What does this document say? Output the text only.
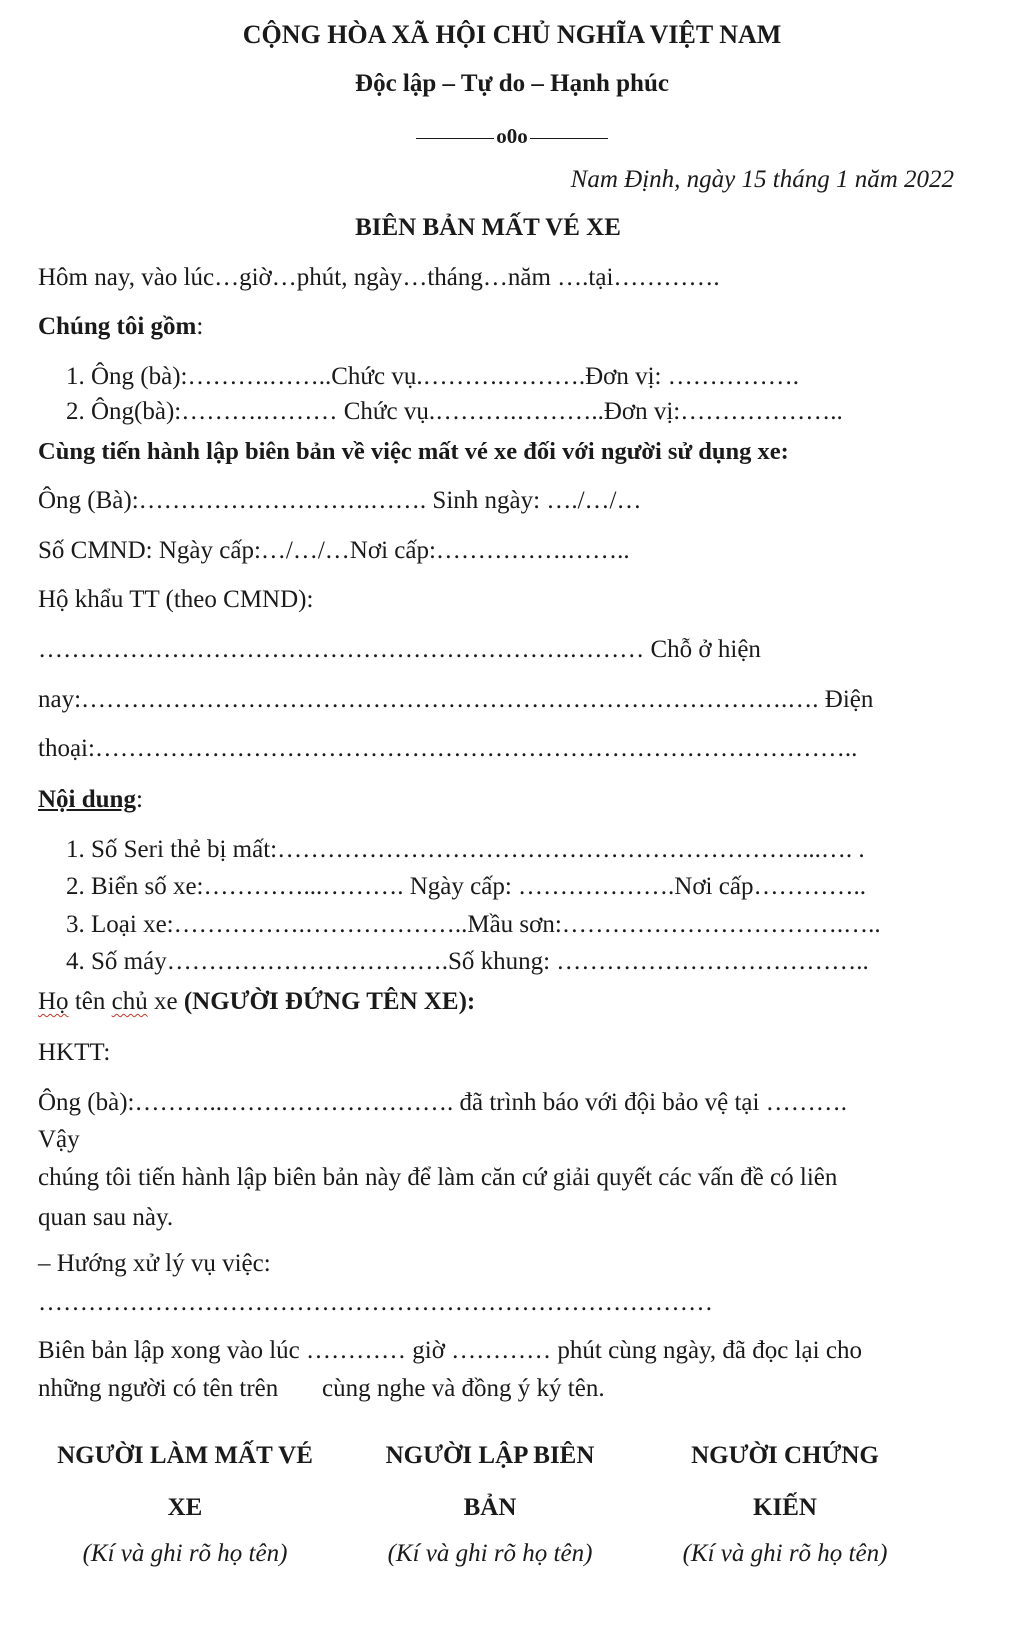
CỘNG HÒA XÃ HỘI CHỦ NGHĨA VIỆT NAM
Độc lập – Tự do – Hạnh phúc
o0o
Nam Định, ngày 15 tháng 1 năm 2022
BIÊN BẢN MẤT VÉ XE
Hôm nay, vào lúc…giờ…phút, ngày…tháng…năm ….tại………….
Chúng tôi gồm:
1. Ông (bà):……….……..Chức vụ.……….……….Đơn vị: …………….
2. Ông(bà):……….……… Chức vụ.……….………..Đơn vị:………………..
Cùng tiến hành lập biên bản về việc mất vé xe đối với người sử dụng xe:
Ông (Bà):……………………….……. Sinh ngày: …./…/…
Số CMND: Ngày cấp:…/…/…Nơi cấp:…………….……..
Hộ khẩu TT (theo CMND):
……………………………………………………….……… Chỗ ở hiện
nay:………………………………………………………………………….…. Điện
thoại:………………………………………………………………………………..
Nội dung:
1. Số Seri thẻ bị mất:………………………………………………………...…. .
2. Biển số xe:…………...………. Ngày cấp: ……………….Nơi cấp…………..
3. Loại xe:…………….………………..Mầu sơn:…………………………….…..
4. Số máy…………………………….Số khung: ………………………………..
Họ tên chủ xe (NGƯỜI ĐỨNG TÊN XE):
HKTT:
Ông (bà):………..………………………. đã trình báo với đội bảo vệ tại ……….
Vậy
chúng tôi tiến hành lập biên bản này để làm căn cứ giải quyết các vấn đề có liên
quan sau này.
– Hướng xử lý vụ việc:
………………………………………………………………………
Biên bản lập xong vào lúc ………… giờ ………… phút cùng ngày, đã đọc lại cho
những người có tên trên       cùng nghe và đồng ý ký tên.
NGƯỜI LÀM MẤT VÉ
XE
(Kí và ghi rõ họ tên)
NGƯỜI LẬP BIÊN
BẢN
(Kí và ghi rõ họ tên)
NGƯỜI CHỨNG
KIẾN
(Kí và ghi rõ họ tên)
